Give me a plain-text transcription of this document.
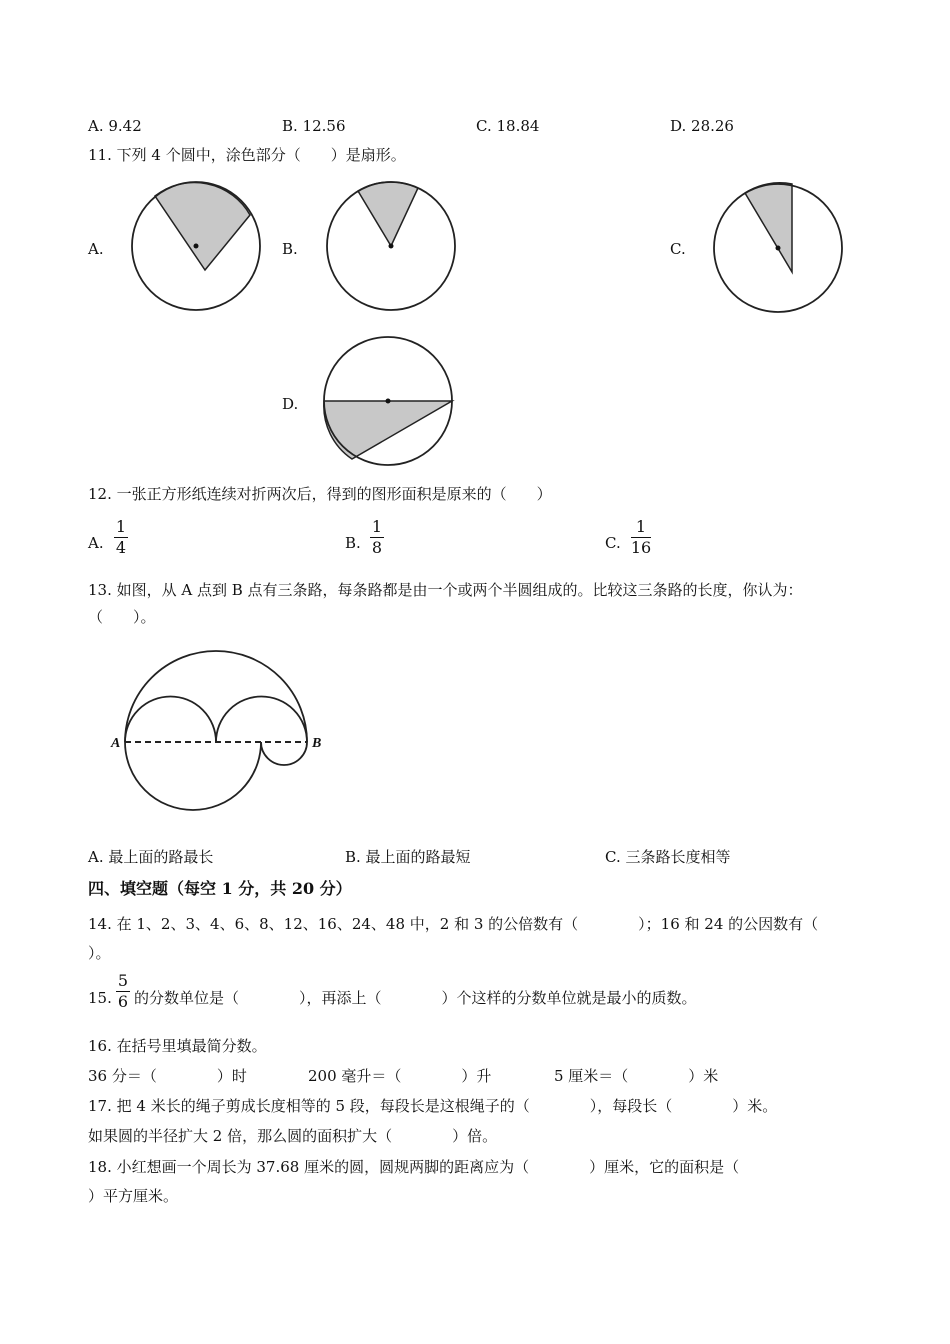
A. 9.42	B. 12.56	C. 18.84	D. 28.26
11. 下列 4 个圆中，涂色部分（　　）是扇形。
A.	B.	C.
D.
12. 一张正方形纸连续对折两次后，得到的图形面积是原来的（　　）
A.
1
4	B.
1
8	C.
1
16
13. 如图，从 A 点到 B 点有三条路，每条路都是由一个或两个半圆组成的。比较这三条路的长度，你认为：
（　　）。
A	B
A. 最上面的路最长	B. 最上面的路最短	C. 三条路长度相等
四、填空题（每空 1 分，共 20 分）
14. 在 1、2、3、4、6、8、12、16、24、48 中，2 和 3 的公倍数有（　　　　）；16 和 24 的公因数有（
）。
15.
5
6 的分数单位是（　　　　），再添上（　　　　）个这样的分数单位就是最小的质数。
16. 在括号里填最简分数。
36 分＝（　　　　）时	200 毫升＝（　　　　）升	5 厘米＝（　　　　）米
17. 把 4 米长的绳子剪成长度相等的 5 段，每段长是这根绳子的（　　　　），每段长（　　　　）米。
如果圆的半径扩大 2 倍，那么圆的面积扩大（　　　　）倍。
18. 小红想画一个周长为 37.68 厘米的圆，圆规两脚的距离应为（　　　　）厘米，它的面积是（
）平方厘米。
